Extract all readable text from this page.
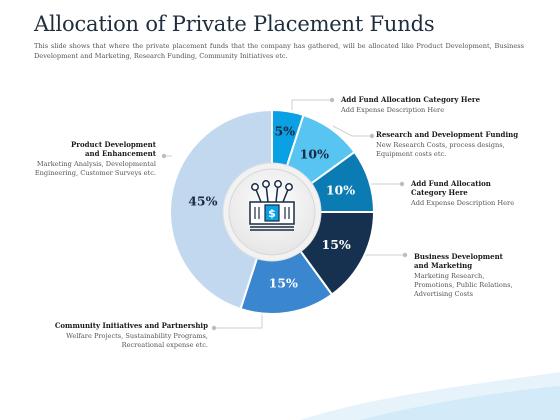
Allocation of Private Placement Funds

This slide shows that where the private placement funds that the company has gathered, will be allocated like Product Development, Business Development and Marketing, Research Funding, Community Initiatives etc.

5%
10%
10%
15%
15%
45%
$
Add Fund Allocation Category Here
Add Expense Description Here
Research and Development Funding
New Research Costs, process designs,
Equipment costs etc.
Add Fund Allocation
Category Here
Add Expense Description Here
Business Development
and Marketing
Marketing Research,
Promotions, Public Relations,
Advertising Costs
Community Initiatives and Partnership
Welfare Projects, Sustainability Programs,
Recreational expense etc.
Product Development
and Enhancement
Marketing Analysis, Developmental
Engineering, Customer Surveys etc.
